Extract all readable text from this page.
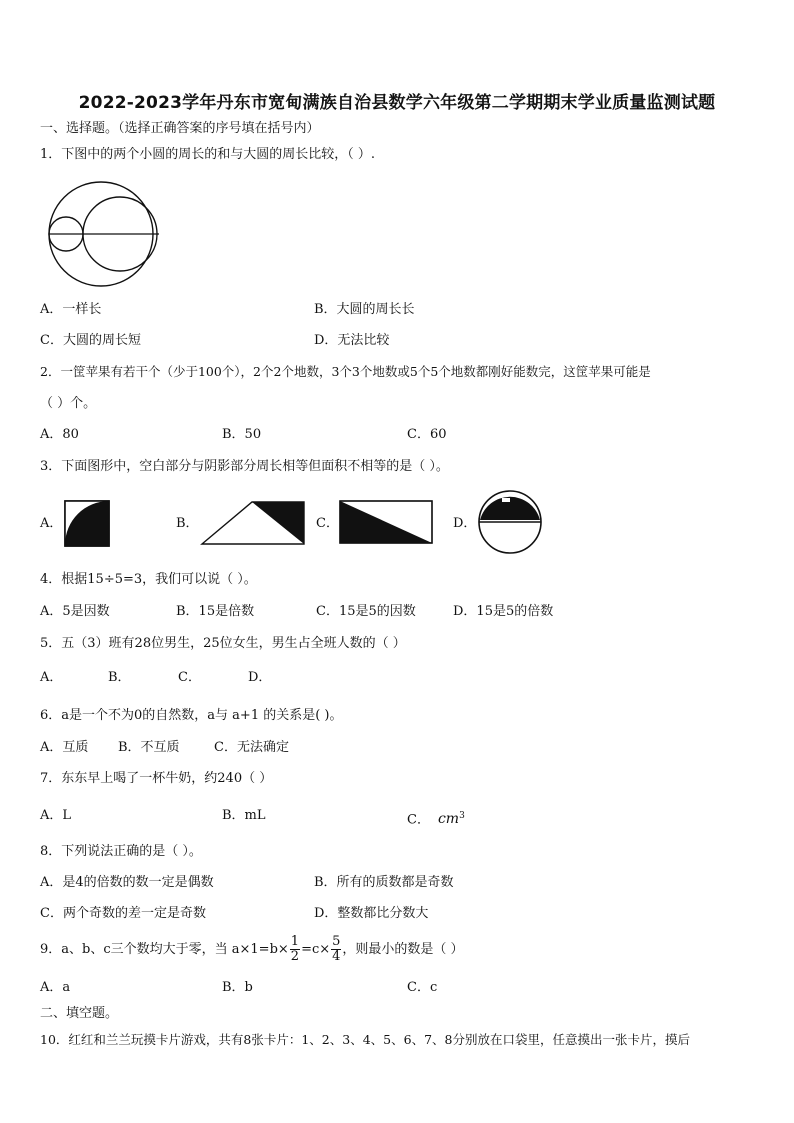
2022-2023学年丹东市宽甸满族自治县数学六年级第二学期期末学业质量监测试题
一、选择题。（选择正确答案的序号填在括号内）
1．下图中的两个小圆的周长的和与大圆的周长比较，（ ）.
A．一样长	B．大圆的周长长
C．大圆的周长短	D．无法比较
2．一筐苹果有若干个（少于100个），2个2个地数，3个3个地数或5个5个地数都刚好能数完，这筐苹果可能是
（ ）个。
A．80	B．50	C．60
3．下面图形中，空白部分与阴影部分周长相等但面积不相等的是（ ）。
A．	B．	C．	D．
4．根据15÷5=3，我们可以说（ ）。
A．5是因数	B．15是倍数	C．15是5的因数	D．15是5的倍数
5．五（3）班有28位男生，25位女生，男生占全班人数的（ ）
A．	B．	C．	D．
6．a是一个不为0的自然数，a与 a+1 的关系是( )。
A．互质 B．不互质	C．无法确定
7．东东早上喝了一杯牛奶，约240（ ）
A．L	B．mL	C． $cm^3$
8．下列说法正确的是（ ）。
A．是4的倍数的数一定是偶数	B．所有的质数都是奇数
C．两个奇数的差一定是奇数	D．整数都比分数大
9．a、b、c三个数均大于零，当 $a\times 1=b\times \frac{1}{2} =c\times \frac{5}{4}$ ，则最小的数是（ ）
A．a	B．b	C．c
二、填空题。
10．红红和兰兰玩摸卡片游戏，共有8张卡片：1、2、3、4、5、6、7、8分别放在口袋里，任意摸出一张卡片，摸后
